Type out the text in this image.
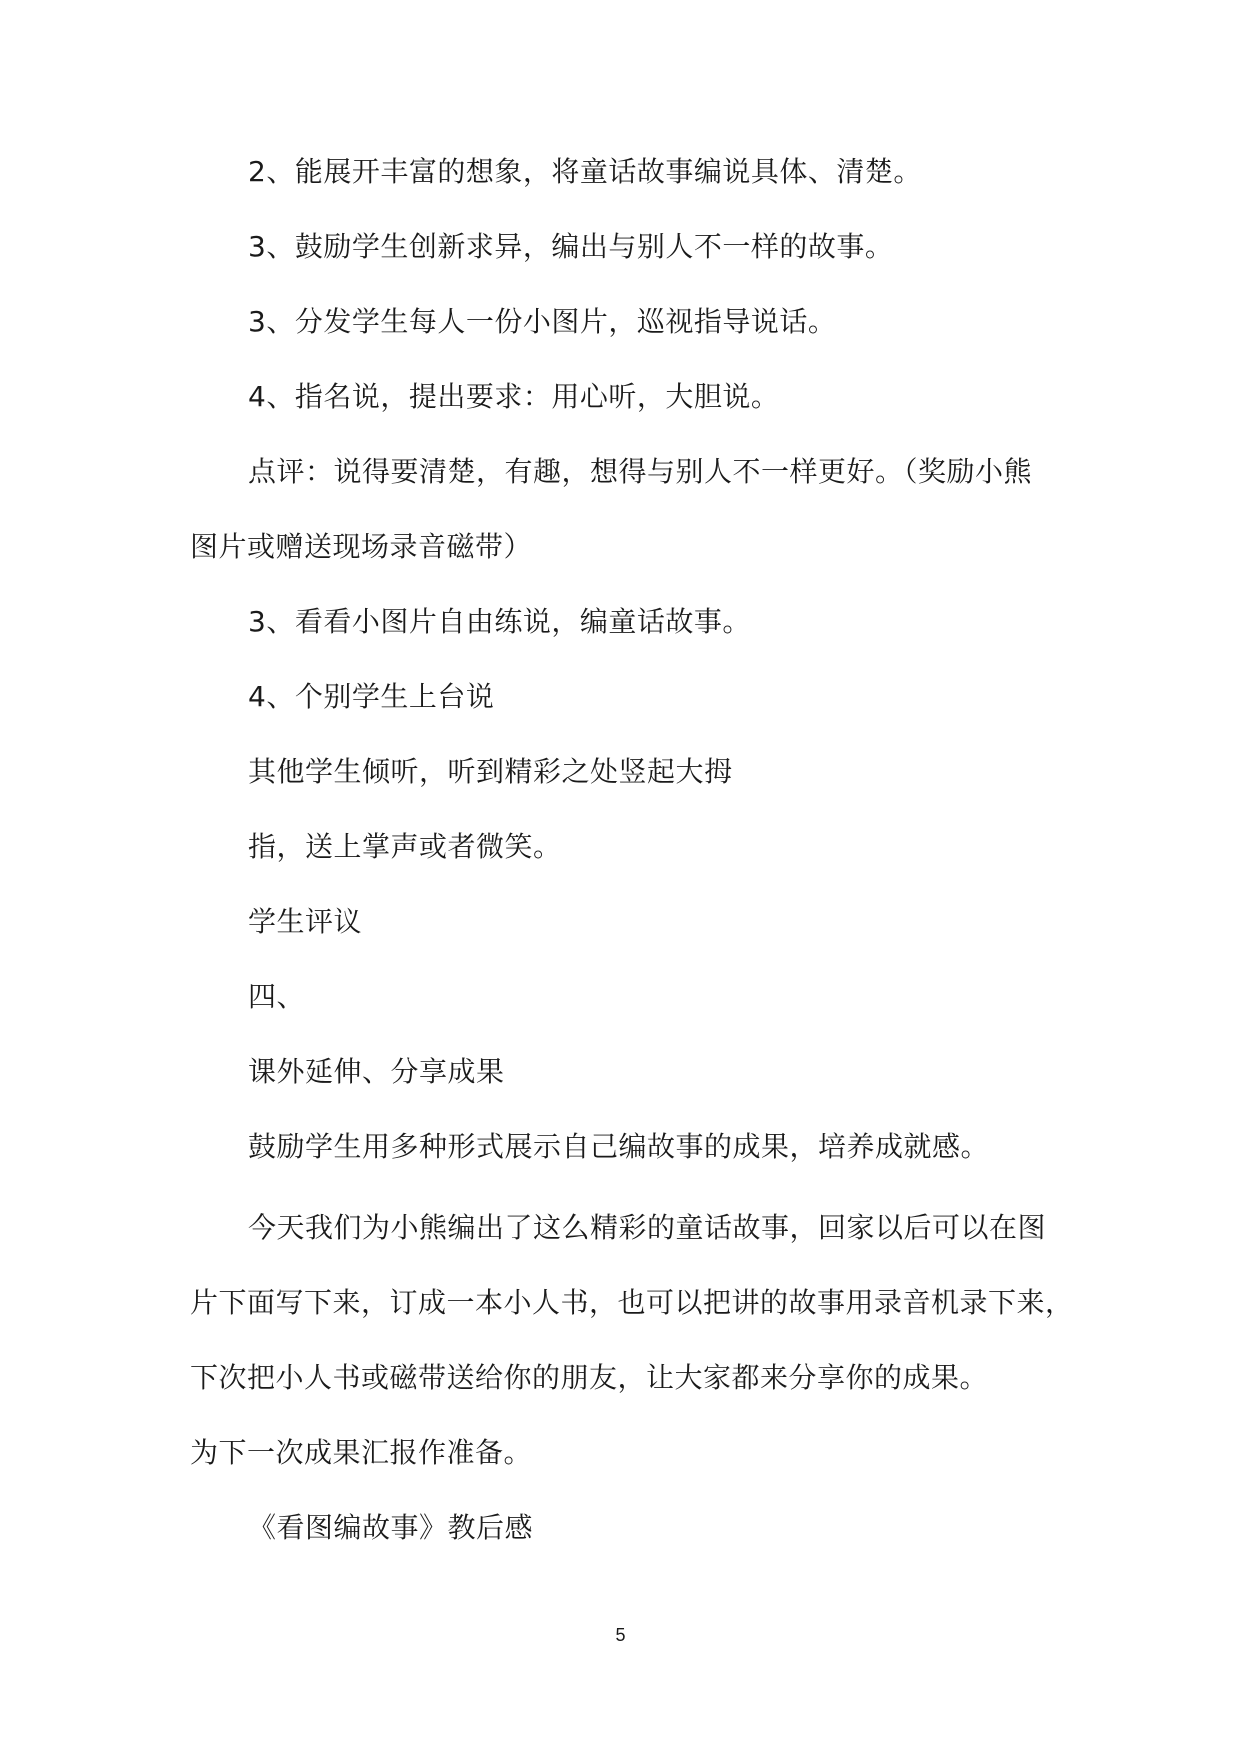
2、能展开丰富的想象，将童话故事编说具体、清楚。
3、鼓励学生创新求异，编出与别人不一样的故事。
3、分发学生每人一份小图片，巡视指导说话。
4、指名说，提出要求：用心听，大胆说。
点评：说得要清楚，有趣，想得与别人不一样更好。（奖励小熊
图片或赠送现场录音磁带）
3、看看小图片自由练说，编童话故事。
4、个别学生上台说
其他学生倾听，听到精彩之处竖起大拇
指，送上掌声或者微笑。
学生评议
四、
课外延伸、分享成果
鼓励学生用多种形式展示自己编故事的成果，培养成就感。
今天我们为小熊编出了这么精彩的童话故事，回家以后可以在图
片下面写下来，订成一本小人书，也可以把讲的故事用录音机录下来，
下次把小人书或磁带送给你的朋友，让大家都来分享你的成果。
为下一次成果汇报作准备。
《看图编故事》教后感
5
